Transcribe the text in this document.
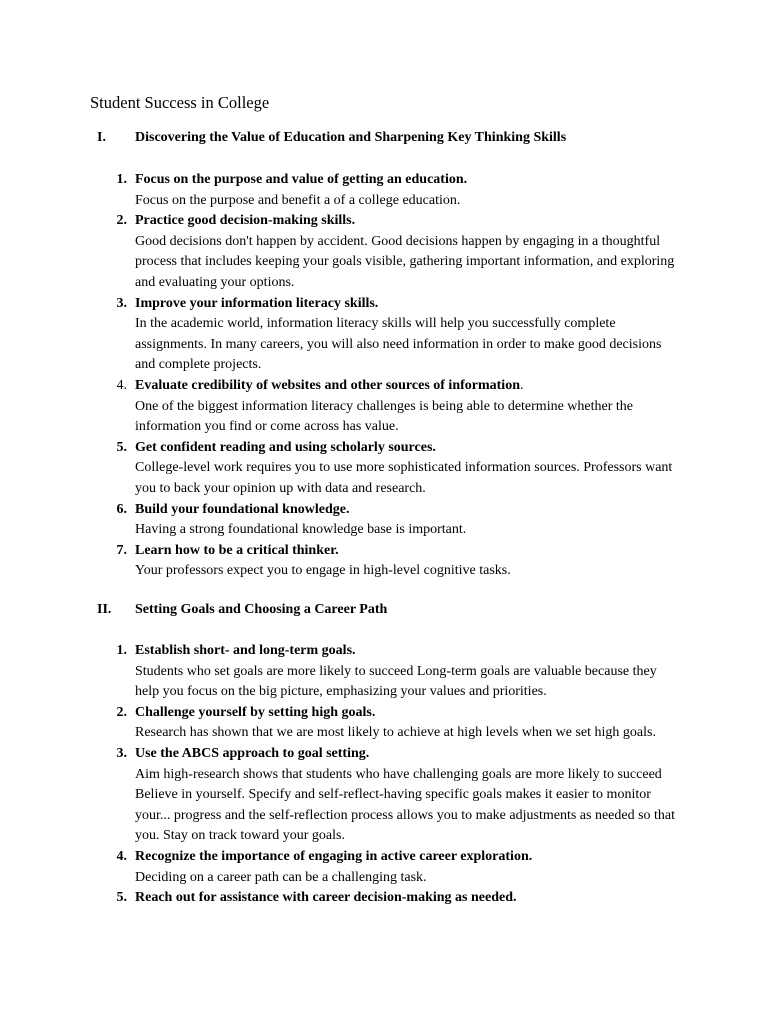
Student Success in College
I. Discovering the Value of Education and Sharpening Key Thinking Skills
1. Focus on the purpose and value of getting an education.
Focus on the purpose and benefit a of a college education.
2. Practice good decision-making skills.
Good decisions don't happen by accident. Good decisions happen by engaging in a thoughtful process that includes keeping your goals visible, gathering important information, and exploring and evaluating your options.
3. Improve your information literacy skills.
In the academic world, information literacy skills will help you successfully complete assignments. In many careers, you will also need information in order to make good decisions and complete projects.
4. Evaluate credibility of websites and other sources of information.
One of the biggest information literacy challenges is being able to determine whether the information you find or come across has value.
5. Get confident reading and using scholarly sources.
College-level work requires you to use more sophisticated information sources. Professors want you to back your opinion up with data and research.
6. Build your foundational knowledge.
Having a strong foundational knowledge base is important.
7. Learn how to be a critical thinker.
Your professors expect you to engage in high-level cognitive tasks.
II. Setting Goals and Choosing a Career Path
1. Establish short- and long-term goals.
Students who set goals are more likely to succeed Long-term goals are valuable because they help you focus on the big picture, emphasizing your values and priorities.
2. Challenge yourself by setting high goals.
Research has shown that we are most likely to achieve at high levels when we set high goals.
3. Use the ABCS approach to goal setting.
Aim high-research shows that students who have challenging goals are more likely to succeed Believe in yourself. Specify and self-reflect-having specific goals makes it easier to monitor your... progress and the self-reflection process allows you to make adjustments as needed so that you. Stay on track toward your goals.
4. Recognize the importance of engaging in active career exploration.
Deciding on a career path can be a challenging task.
5. Reach out for assistance with career decision-making as needed.
